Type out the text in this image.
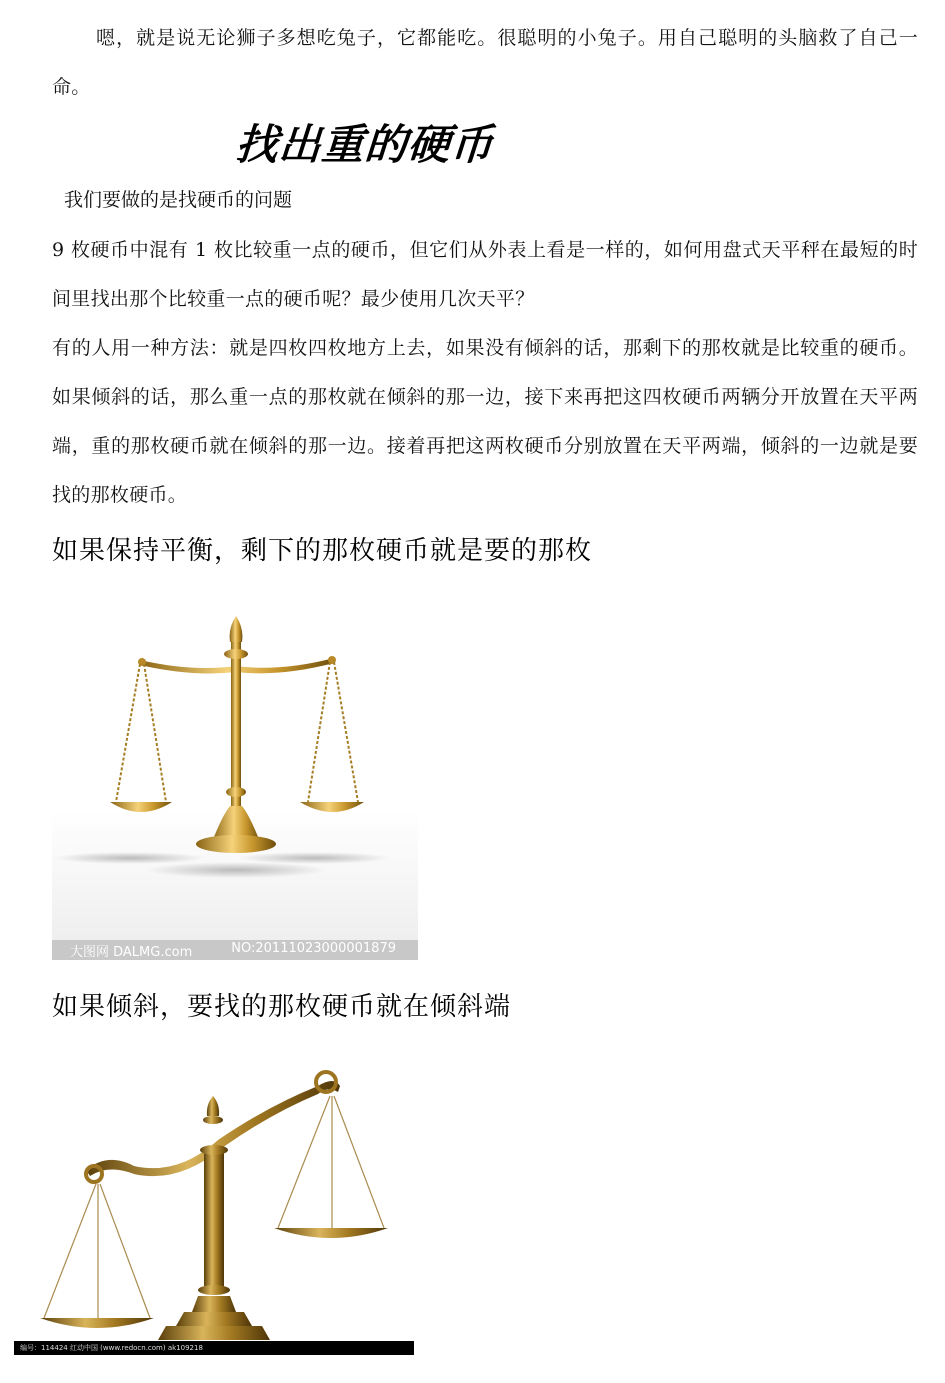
嗯，就是说无论狮子多想吃兔子，它都能吃。很聪明的小兔子。用自己聪明的头脑救了自己一命。

找出重的硬币
我们要做的是找硬币的问题

9 枚硬币中混有 1 枚比较重一点的硬币，但它们从外表上看是一样的，如何用盘式天平秤在最短的时间里找出那个比较重一点的硬币呢？最少使用几次天平？

有的人用一种方法：就是四枚四枚地方上去，如果没有倾斜的话，那剩下的那枚就是比较重的硬币。如果倾斜的话，那么重一点的那枚就在倾斜的那一边，接下来再把这四枚硬币两辆分开放置在天平两端，重的那枚硬币就在倾斜的那一边。接着再把这两枚硬币分别放置在天平两端，倾斜的一边就是要找的那枚硬币。

如果保持平衡，剩下的那枚硬币就是要的那枚
大图网 DALMG.com	NO:20111023000001879
如果倾斜，要找的那枚硬币就在倾斜端
编号：114424 红动中国 (www.redocn.com) ak109218
